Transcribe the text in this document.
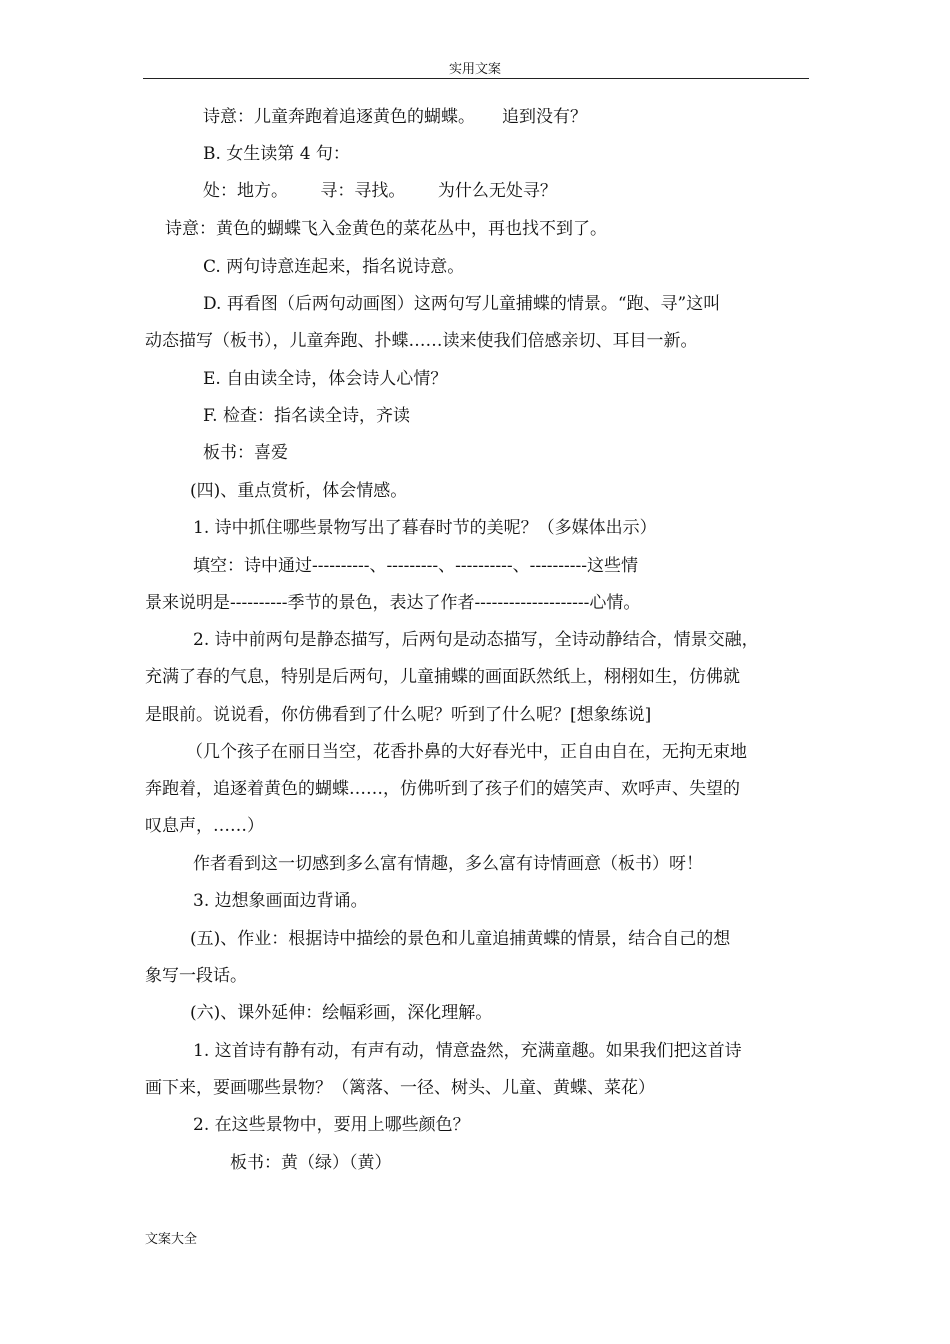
实用文案
诗意：儿童奔跑着追逐黄色的蝴蝶。     追到没有？
B. 女生读第 4 句：
处：地方。      寻：寻找。      为什么无处寻？
诗意：黄色的蝴蝶飞入金黄色的菜花丛中，再也找不到了。
C. 两句诗意连起来，指名说诗意。
D. 再看图（后两句动画图）这两句写儿童捕蝶的情景。“跑、寻”这叫
动态描写（板书），儿童奔跑、扑蝶……读来使我们倍感亲切、耳目一新。
E. 自由读全诗，体会诗人心情？
F. 检查：指名读全诗，齐读
板书：喜爱
(四)、重点赏析，体会情感。
1. 诗中抓住哪些景物写出了暮春时节的美呢？（多媒体出示）
填空：诗中通过----------、---------、----------、----------这些情
景来说明是----------季节的景色，表达了作者--------------------心情。
2. 诗中前两句是静态描写，后两句是动态描写，全诗动静结合，情景交融，
充满了春的气息，特别是后两句，儿童捕蝶的画面跃然纸上，栩栩如生，仿佛就
是眼前。说说看，你仿佛看到了什么呢？听到了什么呢？[想象练说]
（几个孩子在丽日当空，花香扑鼻的大好春光中，正自由自在，无拘无束地
奔跑着，追逐着黄色的蝴蝶……，仿佛听到了孩子们的嬉笑声、欢呼声、失望的
叹息声，……）
作者看到这一切感到多么富有情趣，多么富有诗情画意（板书）呀！
3. 边想象画面边背诵。
(五)、作业：根据诗中描绘的景色和儿童追捕黄蝶的情景，结合自己的想
象写一段话。
(六)、课外延伸：绘幅彩画，深化理解。
1. 这首诗有静有动，有声有动，情意盎然，充满童趣。如果我们把这首诗
画下来，要画哪些景物？（篱落、一径、树头、儿童、黄蝶、菜花）
2. 在这些景物中，要用上哪些颜色？
板书：黄（绿）（黄）
文案大全
